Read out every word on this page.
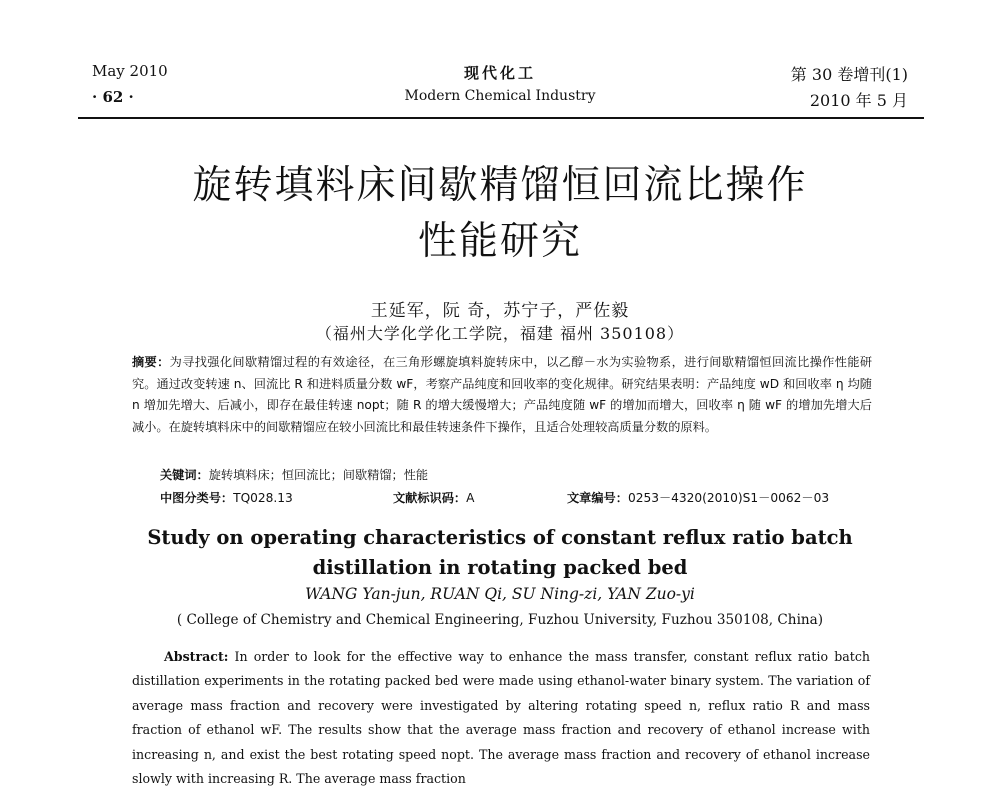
May 2010
· 62 ·
现代化工
Modern Chemical Industry
第 30 卷增刊(1)
2010 年 5 月
旋转填料床间歇精馏恒回流比操作
性能研究
王延军，阮 奇，苏宁子，严佐毅
（福州大学化学化工学院，福建 福州 350108）
摘要：为寻找强化间歇精馏过程的有效途径，在三角形螺旋填料旋转床中，以乙醇－水为实验物系，进行间歇精馏恒回流比操作性能研究。通过改变转速 n、回流比 R 和进料质量分数 wF，考察产品纯度和回收率的变化规律。研究结果表明：产品纯度 wD 和回收率 η 均随 n 增加先增大、后减小，即存在最佳转速 nopt；随 R 的增大缓慢增大；产品纯度随 wF 的增加而增大，回收率 η 随 wF 的增加先增大后减小。在旋转填料床中的间歇精馏应在较小回流比和最佳转速条件下操作，且适合处理较高质量分数的原料。
关键词：旋转填料床；恒回流比；间歇精馏；性能
中图分类号：TQ028.13	文献标识码：A	文章编号：0253－4320(2010)S1－0062－03
Study on operating characteristics of constant reflux ratio batch
distillation in rotating packed bed
WANG Yan-jun, RUAN Qi, SU Ning-zi, YAN Zuo-yi
( College of Chemistry and Chemical Engineering, Fuzhou University, Fuzhou 350108, China)
Abstract: In order to look for the effective way to enhance the mass transfer, constant reflux ratio batch distillation experiments in the rotating packed bed were made using ethanol-water binary system. The variation of average mass fraction and recovery were investigated by altering rotating speed n, reflux ratio R and mass fraction of ethanol wF. The results show that the average mass fraction and recovery of ethanol increase with increasing n, and exist the best rotating speed nopt. The average mass fraction and recovery of ethanol increase slowly with increasing R. The average mass fraction
